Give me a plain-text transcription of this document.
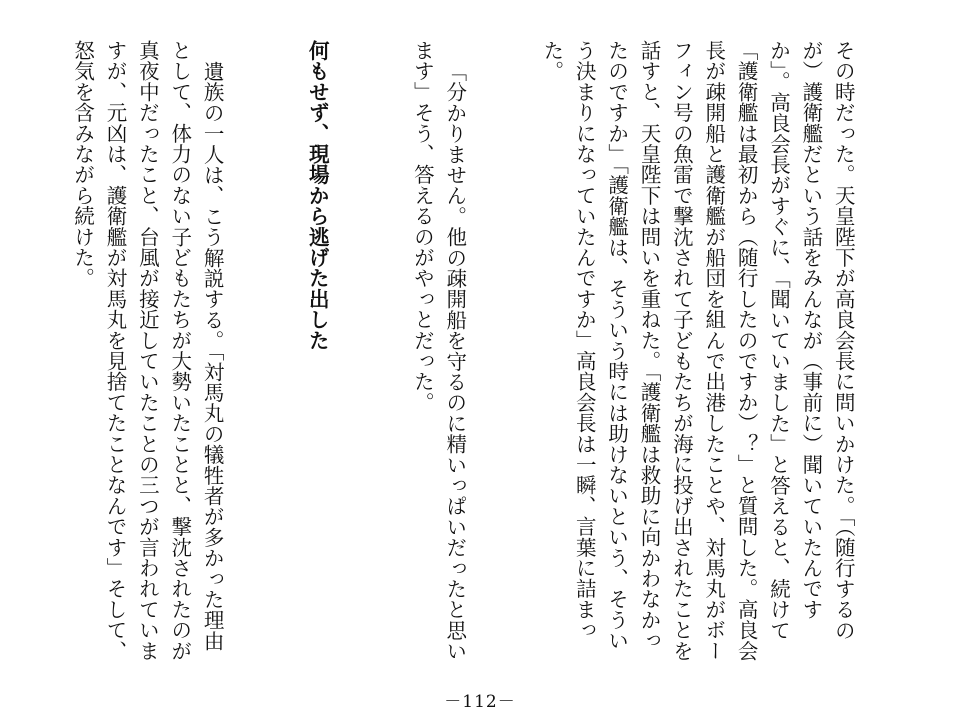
その時だった。天皇陛下が高良会長に問いかけた。「（随行するのが）護衛艦だという話をみんなが（事前に）聞いていたんですか」。高良会長がすぐに、「聞いていました」と答えると、続けて「護衛艦は最初から（随行したのですか）？」と質問した。高良会長が疎開船と護衛艦が船団を組んで出港したことや、対馬丸がボーフィン号の魚雷で撃沈されて子どもたちが海に投げ出されたことを話すと、天皇陛下は問いを重ねた。「護衛艦は救助に向かわなかったのですか」「護衛艦は、そういう時には助けないという、そういう決まりになっていたんですか」高良会長は一瞬、言葉に詰まった。

「分かりません。他の疎開船を守るのに精いっぱいだったと思います」そう、答えるのがやっとだった。

何もせず、現場から逃げた出した

遺族の一人は、こう解説する。「対馬丸の犠牲者が多かった理由として、体力のない子どもたちが大勢いたことと、撃沈されたのが真夜中だったこと、台風が接近していたことの三つが言われていますが、元凶は、護衛艦が対馬丸を見捨てたことなんです」そして、怒気を含みながら続けた。

－112－
